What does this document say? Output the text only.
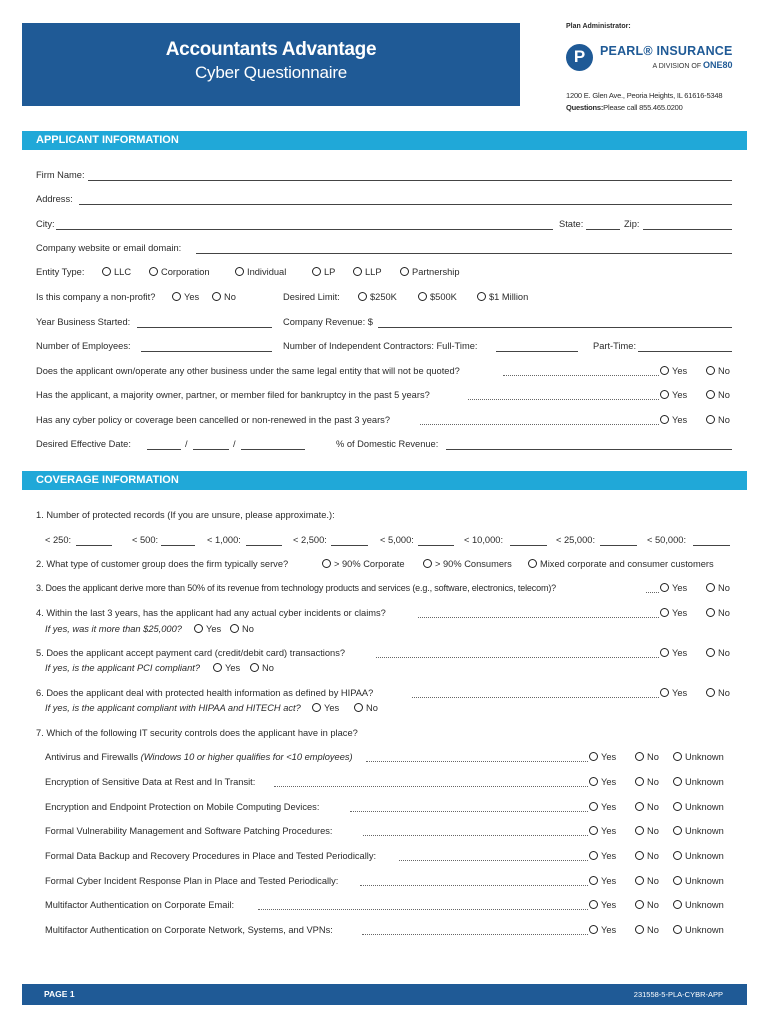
Accountants Advantage
Cyber Questionnaire
Plan Administrator:
P	PEARL® INSURANCE
A DIVISION OF ONE80
1200 E. Glen Ave., Peoria Heights, IL 61616-5348
Questions:Please call 855.465.0200
APPLICANT INFORMATION
Firm Name:
Address:
City:	State:	Zip:
Company website or email domain:
Entity Type:	LLC	Corporation	Individual	LP	LLP	Partnership
Is this company a non-profit?	Yes	No	Desired Limit:	$250K	$500K	$1 Million
Year Business Started:	Company Revenue: $
Number of Employees:	Number of Independent Contractors: Full-Time:	Part-Time:
Does the applicant own/operate any other business under the same legal entity that will not be quoted?	Yes	No
Has the applicant, a majority owner, partner, or member filed for bankruptcy in the past 5 years?	Yes	No
Has any cyber policy or coverage been cancelled or non-renewed in the past 3 years?	Yes	No
Desired Effective Date:	/	/	% of Domestic Revenue:
COVERAGE INFORMATION
1. Number of protected records (If you are unsure, please approximate.):
< 250:	< 500:	< 1,000:	< 2,500:	< 5,000:	< 10,000:	< 25,000:	< 50,000:
2. What type of customer group does the firm typically serve?	> 90% Corporate	> 90% Consumers	Mixed corporate and consumer customers
3. Does the applicant derive more than 50% of its revenue from technology products and services (e.g., software, electronics, telecom)?	Yes	No
4. Within the last 3 years, has the applicant had any actual cyber incidents or claims?	Yes	No
If yes, was it more than $25,000?	Yes	No
5. Does the applicant accept payment card (credit/debit card) transactions?	Yes	No
If yes, is the applicant PCI compliant?	Yes	No
6. Does the applicant deal with protected health information as defined by HIPAA?	Yes	No
If yes, is the applicant compliant with HIPAA and HITECH act?	Yes	No
7. Which of the following IT security controls does the applicant have in place?
Antivirus and Firewalls (Windows 10 or higher qualifies for <10 employees)	Yes	No	Unknown
Encryption of Sensitive Data at Rest and In Transit:	Yes	No	Unknown
Encryption and Endpoint Protection on Mobile Computing Devices:	Yes	No	Unknown
Formal Vulnerability Management and Software Patching Procedures:	Yes	No	Unknown
Formal Data Backup and Recovery Procedures in Place and Tested Periodically:	Yes	No	Unknown
Formal Cyber Incident Response Plan in Place and Tested Periodically:	Yes	No	Unknown
Multifactor Authentication on Corporate Email:	Yes	No	Unknown
Multifactor Authentication on Corporate Network, Systems, and VPNs:	Yes	No	Unknown
PAGE 1	231558-5-PLA-CYBR-APP
